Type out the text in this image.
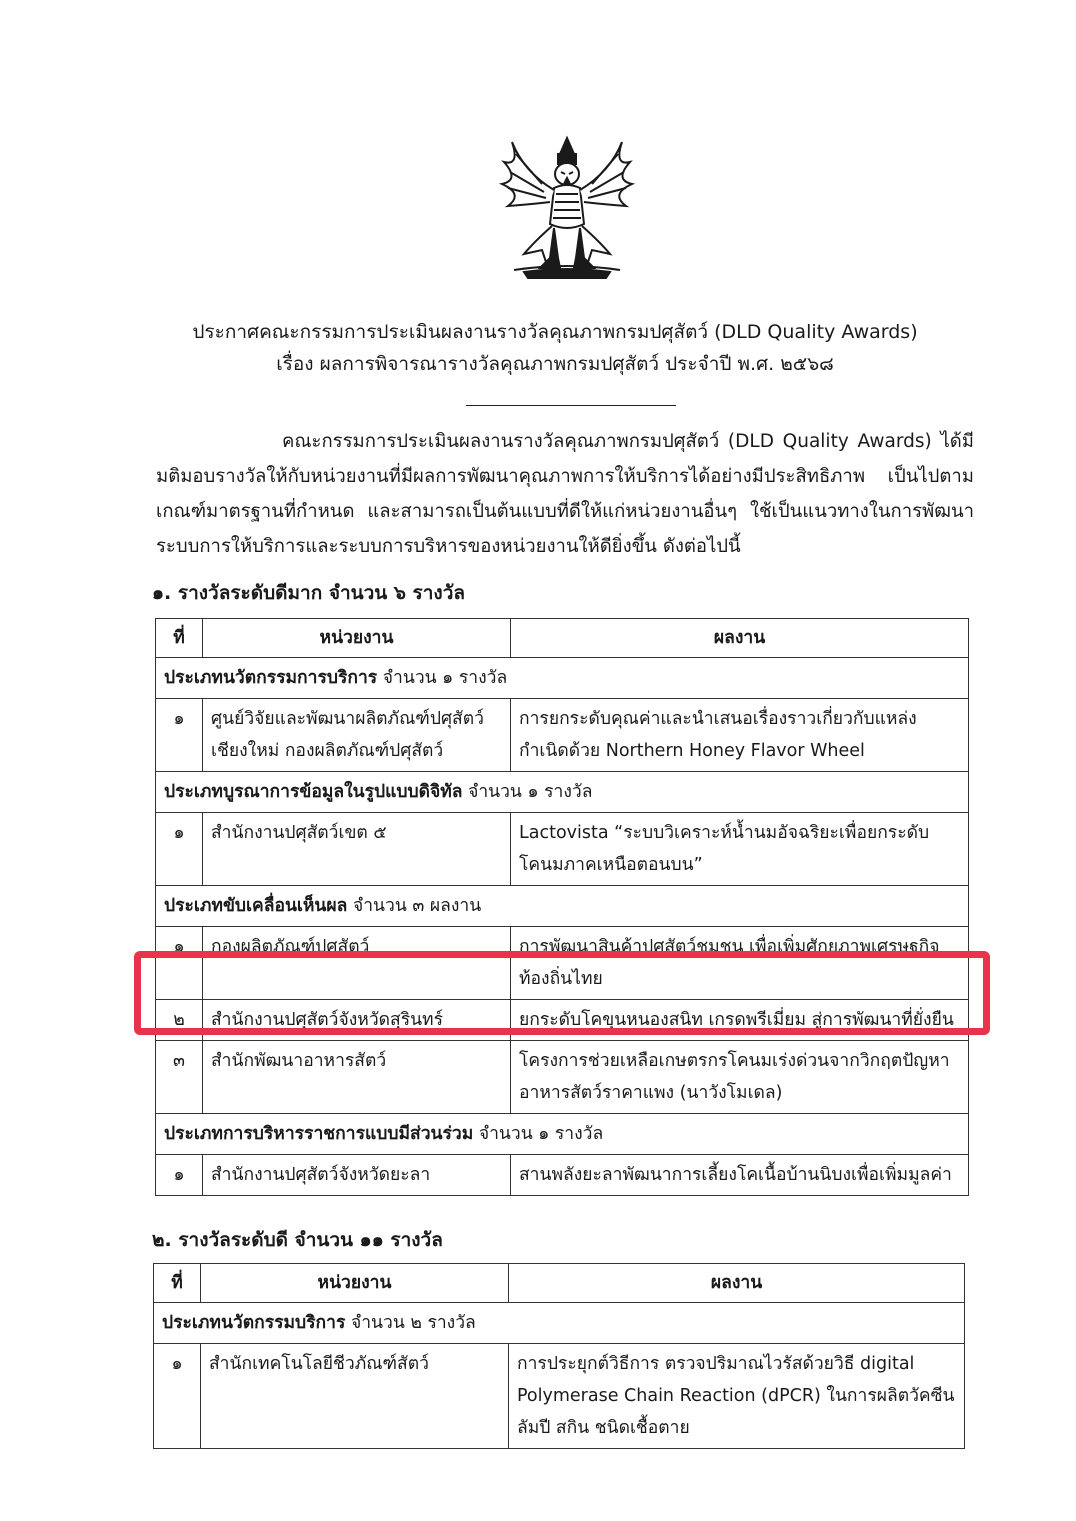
ประกาศคณะกรรมการประเมินผลงานรางวัลคุณภาพกรมปศุสัตว์ (DLD Quality Awards)
เรื่อง ผลการพิจารณารางวัลคุณภาพกรมปศุสัตว์ ประจำปี พ.ศ. ๒๕๖๘

คณะกรรมการประเมินผลงานรางวัลคุณภาพกรมปศุสัตว์ (DLD Quality Awards) ได้มีมติมอบรางวัลให้กับหน่วยงานที่มีผลการพัฒนาคุณภาพการให้บริการได้อย่างมีประสิทธิภาพ เป็นไปตามเกณฑ์มาตรฐานที่กำหนด และสามารถเป็นต้นแบบที่ดีให้แก่หน่วยงานอื่นๆ ใช้เป็นแนวทางในการพัฒนาระบบการให้บริการและระบบการบริหารของหน่วยงานให้ดียิ่งขึ้น ดังต่อไปนี้

๑. รางวัลระดับดีมาก จำนวน ๖ รางวัล
ที่	หน่วยงาน	ผลงาน
ประเภทนวัตกรรมการบริการ จำนวน ๑ รางวัล		
๑	ศูนย์วิจัยและพัฒนาผลิตภัณฑ์ปศุสัตว์เชียงใหม่ กองผลิตภัณฑ์ปศุสัตว์	การยกระดับคุณค่าและนำเสนอเรื่องราวเกี่ยวกับแหล่งกำเนิดด้วย Northern Honey Flavor Wheel
ประเภทบูรณาการข้อมูลในรูปแบบดิจิทัล จำนวน ๑ รางวัล		
๑	สำนักงานปศุสัตว์เขต ๕	Lactovista “ระบบวิเคราะห์น้ำนมอัจฉริยะเพื่อยกระดับโคนมภาคเหนือตอนบน”
ประเภทขับเคลื่อนเห็นผล จำนวน ๓ ผลงาน		
๑	กองผลิตภัณฑ์ปศุสัตว์	การพัฒนาสินค้าปศุสัตว์ชุมชน เพื่อเพิ่มศักยภาพเศรษฐกิจท้องถิ่นไทย
๒	สำนักงานปศุสัตว์จังหวัดสุรินทร์	ยกระดับโคขุนหนองสนิท เกรดพรีเมี่ยม สู่การพัฒนาที่ยั่งยืน
๓	สำนักพัฒนาอาหารสัตว์	โครงการช่วยเหลือเกษตรกรโคนมเร่งด่วนจากวิกฤตปัญหาอาหารสัตว์ราคาแพง (นาวังโมเดล)
ประเภทการบริหารราชการแบบมีส่วนร่วม จำนวน ๑ รางวัล		
๑	สำนักงานปศุสัตว์จังหวัดยะลา	สานพลังยะลาพัฒนาการเลี้ยงโคเนื้อบ้านนิบงเพื่อเพิ่มมูลค่า
๒. รางวัลระดับดี จำนวน ๑๑ รางวัล
ที่	หน่วยงาน	ผลงาน
ประเภทนวัตกรรมบริการ จำนวน ๒ รางวัล		
๑	สำนักเทคโนโลยีชีวภัณฑ์สัตว์	การประยุกต์วิธีการ ตรวจปริมาณไวรัสด้วยวิธี digital Polymerase Chain Reaction (dPCR) ในการผลิตวัคซีนลัมปี สกิน ชนิดเชื้อตาย
